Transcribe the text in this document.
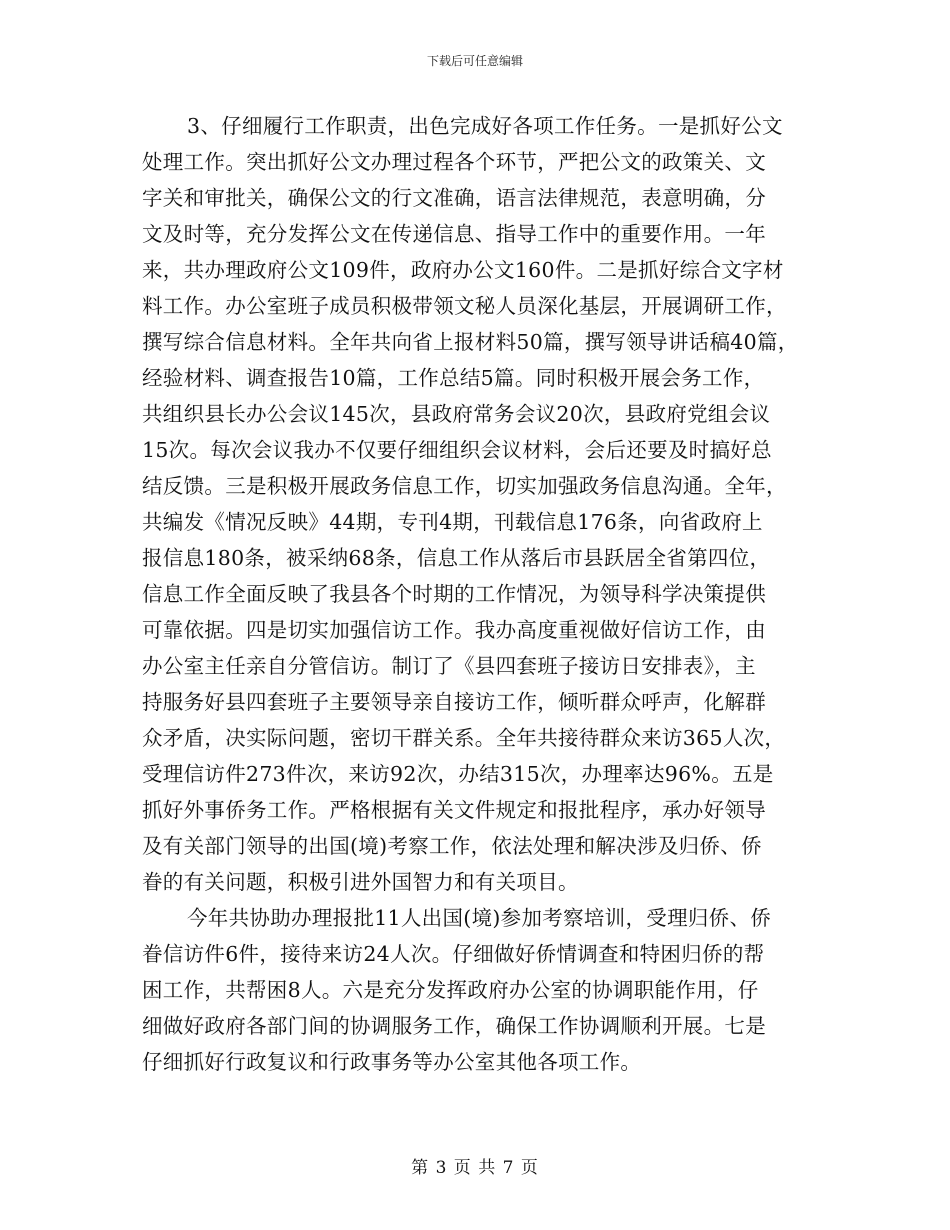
下载后可任意编辑
3、仔细履行工作职责，出色完成好各项工作任务。一是抓好公文
处理工作。突出抓好公文办理过程各个环节，严把公文的政策关、文
字关和审批关，确保公文的行文准确，语言法律规范，表意明确，分
文及时等，充分发挥公文在传递信息、指导工作中的重要作用。一年
来，共办理政府公文109件，政府办公文160件。二是抓好综合文字材
料工作。办公室班子成员积极带领文秘人员深化基层，开展调研工作，
撰写综合信息材料。全年共向省上报材料50篇，撰写领导讲话稿40篇，
经验材料、调查报告10篇，工作总结5篇。同时积极开展会务工作，
共组织县长办公会议145次，县政府常务会议20次，县政府党组会议
15次。每次会议我办不仅要仔细组织会议材料，会后还要及时搞好总
结反馈。三是积极开展政务信息工作，切实加强政务信息沟通。全年，
共编发《情况反映》44期，专刊4期，刊载信息176条，向省政府上
报信息180条，被采纳68条，信息工作从落后市县跃居全省第四位，
信息工作全面反映了我县各个时期的工作情况，为领导科学决策提供
可靠依据。四是切实加强信访工作。我办高度重视做好信访工作，由
办公室主任亲自分管信访。制订了《县四套班子接访日安排表》，主
持服务好县四套班子主要领导亲自接访工作，倾听群众呼声，化解群
众矛盾，决实际问题，密切干群关系。全年共接待群众来访365人次，
受理信访件273件次，来访92次，办结315次，办理率达96%。五是
抓好外事侨务工作。严格根据有关文件规定和报批程序，承办好领导
及有关部门领导的出国(境)考察工作，依法处理和解决涉及归侨、侨
眷的有关问题，积极引进外国智力和有关项目。
今年共协助办理报批11人出国(境)参加考察培训，受理归侨、侨
眷信访件6件，接待来访24人次。仔细做好侨情调查和特困归侨的帮
困工作，共帮困8人。六是充分发挥政府办公室的协调职能作用，仔
细做好政府各部门间的协调服务工作，确保工作协调顺利开展。七是
仔细抓好行政复议和行政事务等办公室其他各项工作。
第 3 页 共 7 页
